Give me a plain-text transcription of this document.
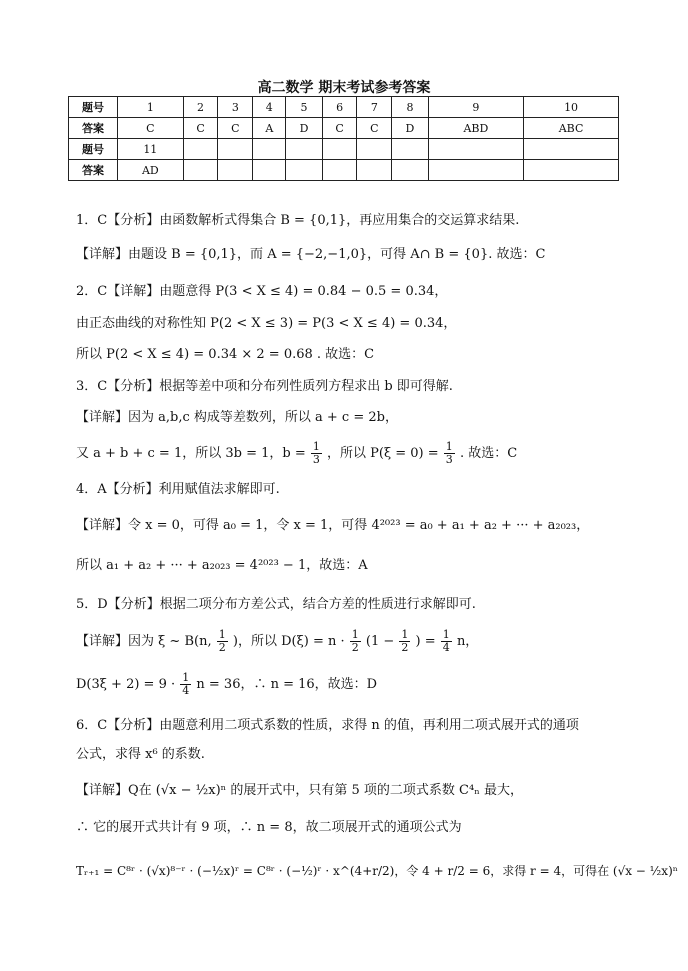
高二数学 期末考试参考答案
题号	1	2	3	4	5	6	7	8	9	10
答案	C	C	C	A	D	C	C	D	ABD	ABC
题号	11									
答案	AD									
1．C【分析】由函数解析式得集合 B = {0,1}，再应用集合的交运算求结果.
【详解】由题设 B = {0,1}，而 A = {−2,−1,0}，可得 A∩ B = {0}. 故选：C
2．C【详解】由题意得 P(3 < X ≤ 4) = 0.84 − 0.5 = 0.34，
由正态曲线的对称性知 P(2 < X ≤ 3) = P(3 < X ≤ 4) = 0.34，
所以 P(2 < X ≤ 4) = 0.34 × 2 = 0.68 . 故选：C
3．C【分析】根据等差中项和分布列性质列方程求出 b 即可得解.
【详解】因为 a,b,c 构成等差数列，所以 a + c = 2b，
又 a + b + c = 1，所以 3b = 1，$b = \frac{1}{3}$ ，所以 $P(\xi = 0) = \frac{1}{3}$ . 故选：C
4．A【分析】利用赋值法求解即可.
【详解】令 x = 0，可得 a₀ = 1，令 x = 1，可得 4²⁰²³ = a₀ + a₁ + a₂ + ··· + a₂₀₂₃，
所以 a₁ + a₂ + ··· + a₂₀₂₃ = 4²⁰²³ − 1，故选：A
5．D【分析】根据二项分布方差公式，结合方差的性质进行求解即可.
【详解】因为 ξ ~ B(n, $\frac{1}{2}$ )，所以 $D(\xi) = n \cdot \frac{1}{2} (1 - \frac{1}{2}$ ) = $\frac{1}{4}$ n，
$D(3\xi + 2) = 9 \cdot \frac{1}{4}$ n = 36，∴ n = 16，故选：D
6．C【分析】由题意利用二项式系数的性质，求得 n 的值，再利用二项式展开式的通项
公式，求得 x⁶ 的系数.
【详解】Q在 (√x − ½x)ⁿ 的展开式中，只有第 5 项的二项式系数 C⁴ₙ 最大，
∴ 它的展开式共计有 9 项，∴ n = 8，故二项展开式的通项公式为
Tᵣ₊₁ = C⁸ʳ · (√x)⁸⁻ʳ · (−½x)ʳ = C⁸ʳ · (−½)ʳ · x^(4+r/2)，令 4 + r/2 = 6，求得 r = 4，可得在 (√x − ½x)ⁿ
